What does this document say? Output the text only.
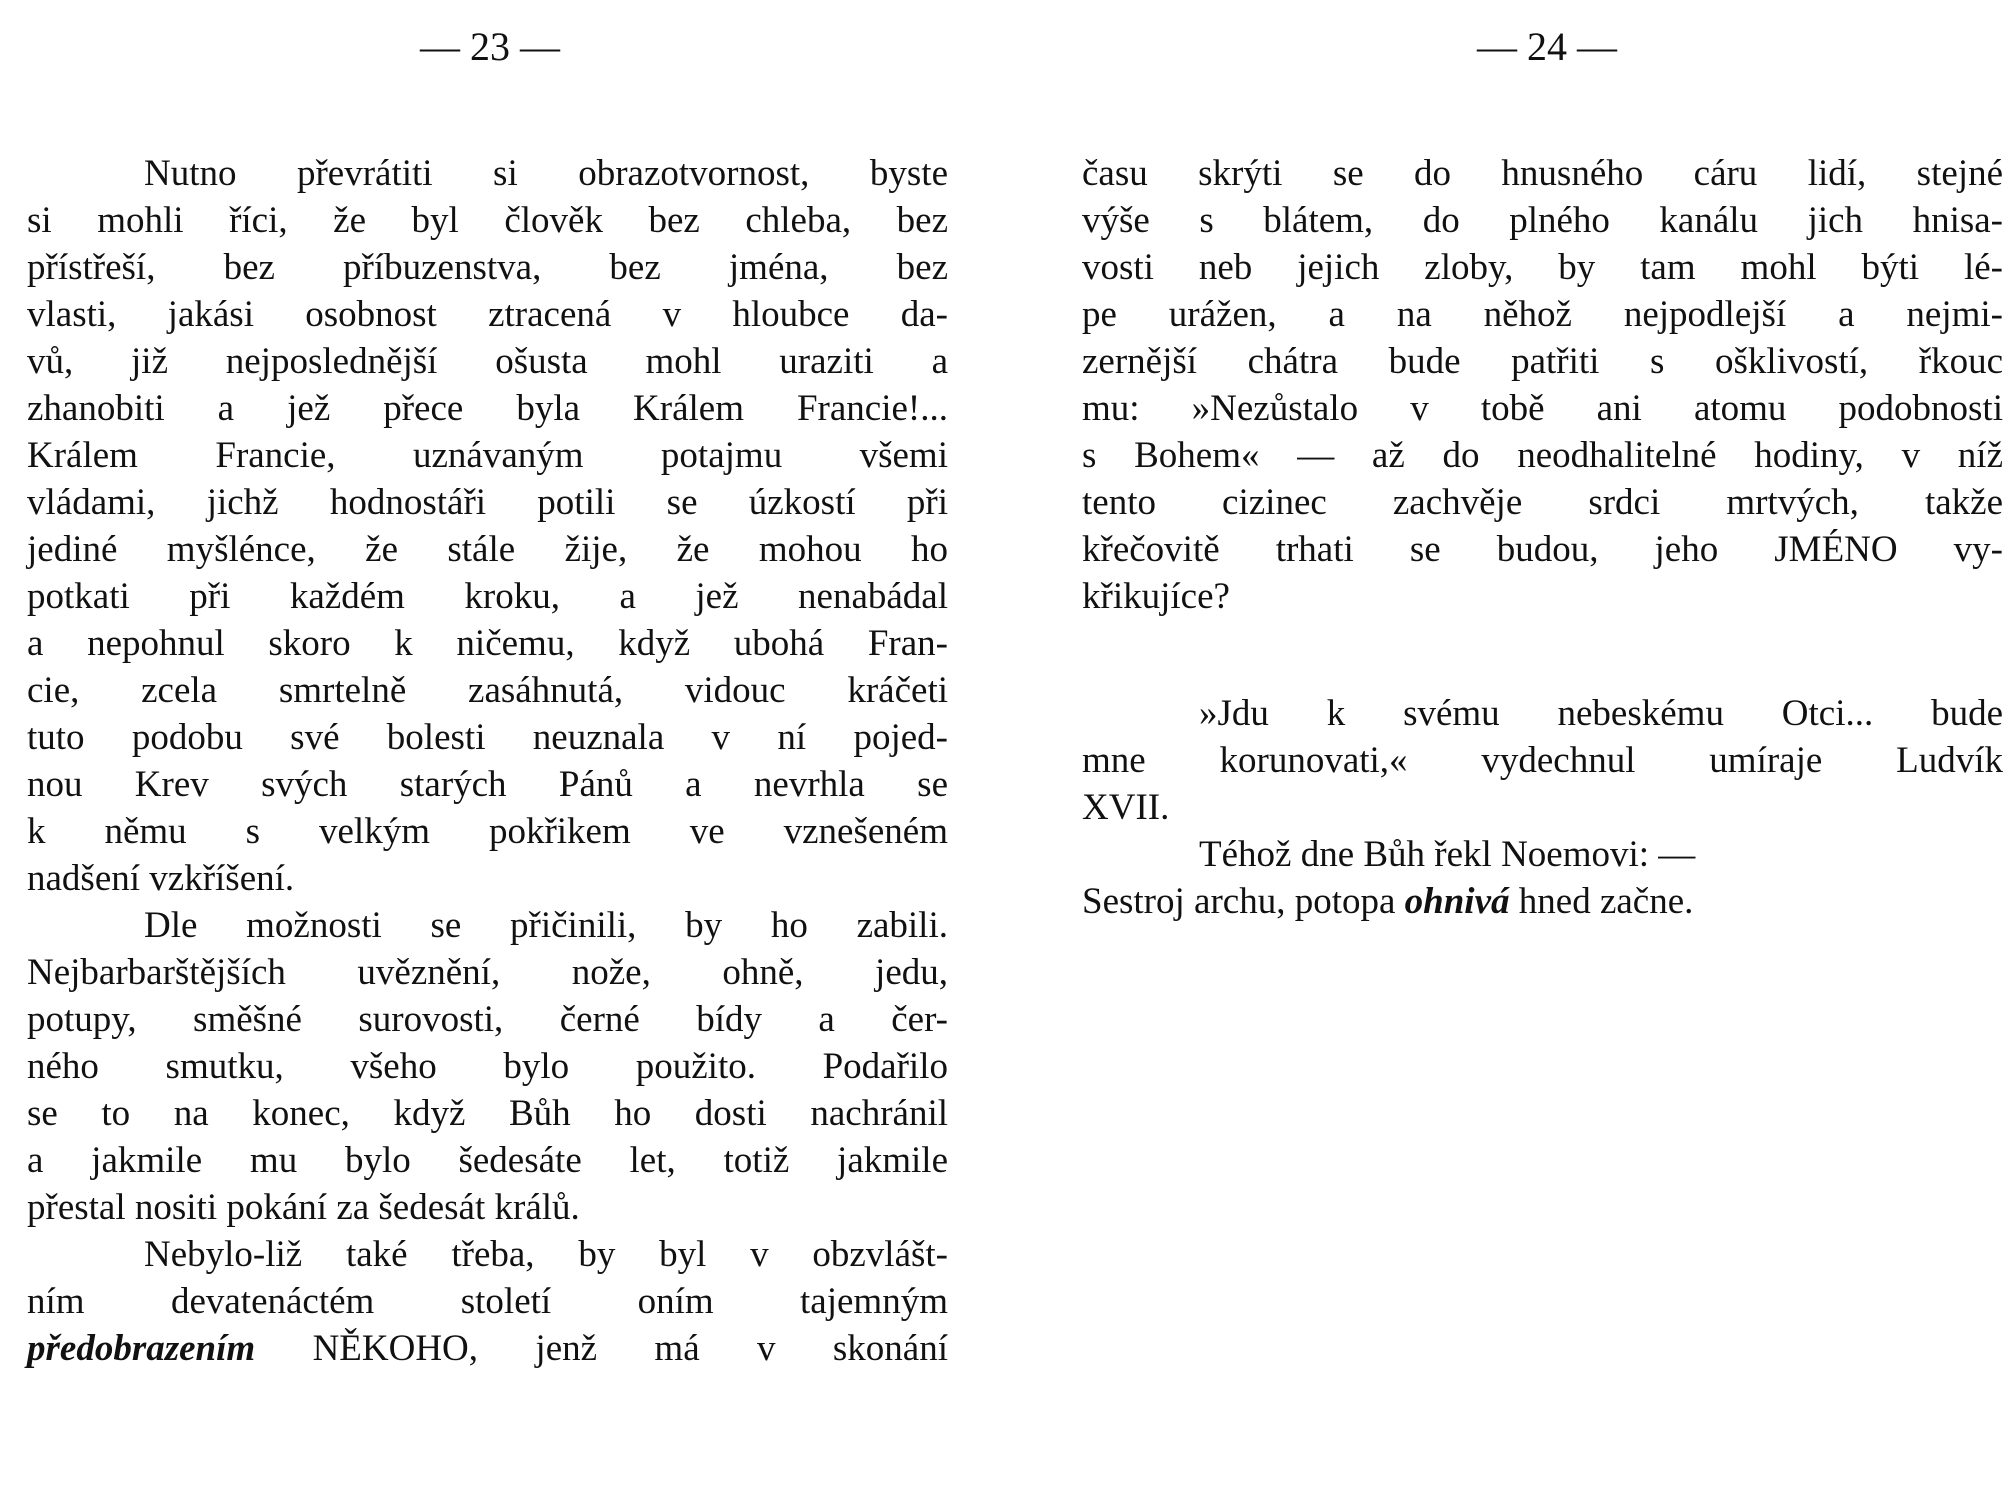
— 23 —
Nutno převrátiti si obrazotvornost, byste
si mohli říci, že byl člověk bez chleba, bez
přístřeší, bez příbuzenstva, bez jména, bez
vlasti, jakási osobnost ztracená v hloubce da-
vů, již nejposlednější ošusta mohl uraziti a
zhanobiti a jež přece byla Králem Francie!...
Králem Francie, uznávaným potajmu všemi
vládami, jichž hodnostáři potili se úzkostí při
jediné myšlénce, že stále žije, že mohou ho
potkati při každém kroku, a jež nenabádal
a nepohnul skoro k ničemu, když ubohá Fran-
cie, zcela smrtelně zasáhnutá, vidouc kráčeti
tuto podobu své bolesti neuznala v ní pojed-
nou Krev svých starých Pánů a nevrhla se
k němu s velkým pokřikem ve vznešeném
nadšení vzkříšení.
Dle možnosti se přičinili, by ho zabili.
Nejbarbarštějších uvěznění, nože, ohně, jedu,
potupy, směšné surovosti, černé bídy a čer-
ného smutku, všeho bylo použito. Podařilo
se to na konec, když Bůh ho dosti nachránil
a jakmile mu bylo šedesáte let, totiž jakmile
přestal nositi pokání za šedesát králů.
Nebylo-liž také třeba, by byl v obzvlášt-
ním devatenáctém století oním tajemným
předobrazením NĚKOHO, jenž má v skonání
— 24 —
času skrýti se do hnusného cáru lidí, stejné
výše s blátem, do plného kanálu jich hnisa-
vosti neb jejich zloby, by tam mohl býti lé-
pe urážen, a na něhož nejpodlejší a nejmi-
zernější chátra bude patřiti s ošklivostí, řkouc
mu: »Nezůstalo v tobě ani atomu podobnosti
s Bohem« — až do neodhalitelné hodiny, v níž
tento cizinec zachvěje srdci mrtvých, takže
křečovitě trhati se budou, jeho JMÉNO vy-
křikujíce?
»Jdu k svému nebeskému Otci... bude
mne korunovati,« vydechnul umíraje Ludvík
XVII.
Téhož dne Bůh řekl Noemovi: —
Sestroj archu, potopa ohnivá hned začne.
